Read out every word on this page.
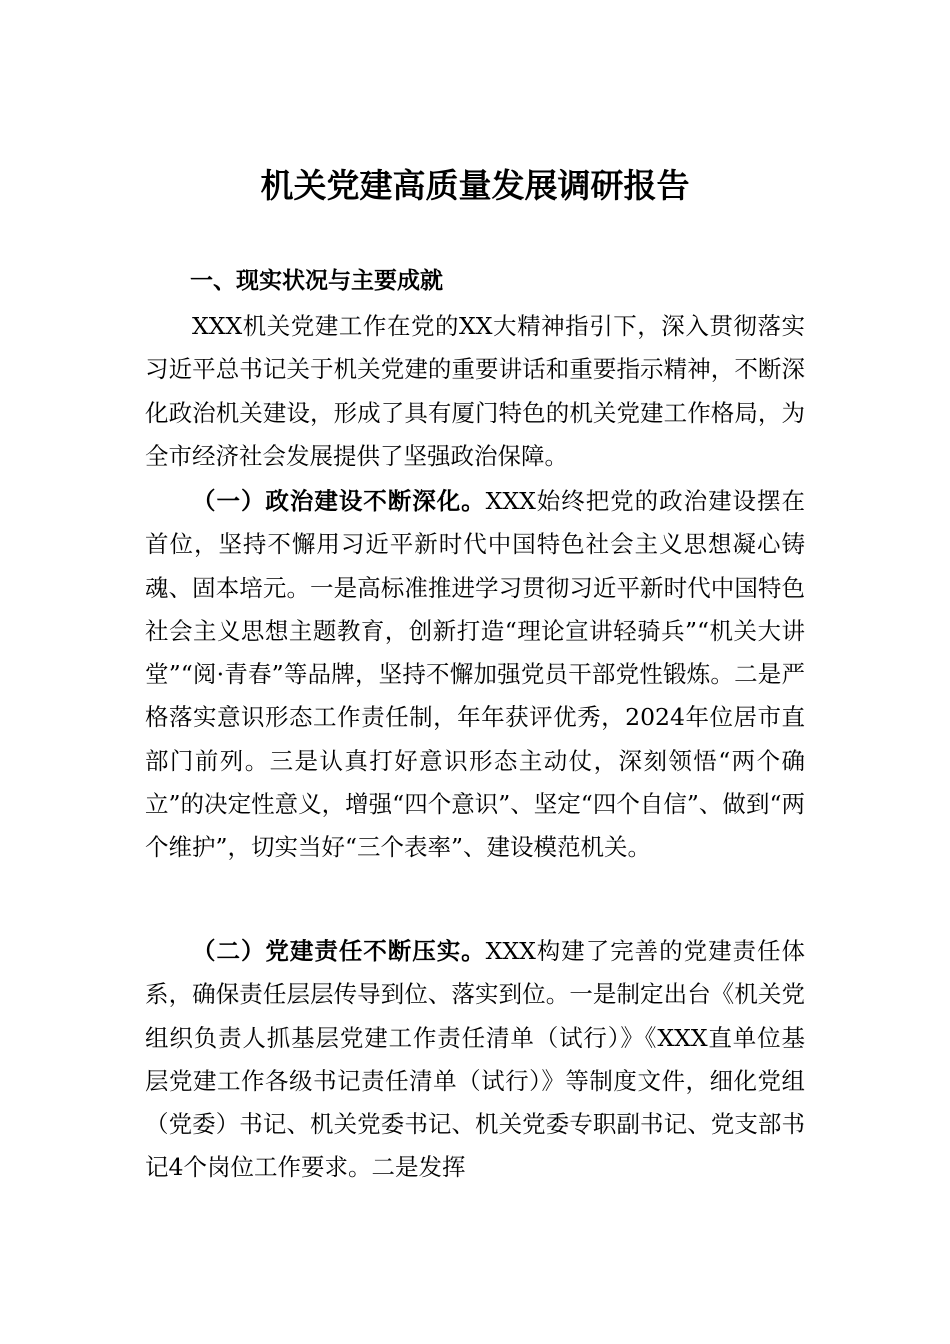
机关党建高质量发展调研报告
一、现实状况与主要成就

XXX机关党建工作在党的XX大精神指引下，深入贯彻落实习近平总书记关于机关党建的重要讲话和重要指示精神，不断深化政治机关建设，形成了具有厦门特色的机关党建工作格局，为全市经济社会发展提供了坚强政治保障。

（一）政治建设不断深化。XXX始终把党的政治建设摆在首位，坚持不懈用习近平新时代中国特色社会主义思想凝心铸魂、固本培元。一是高标准推进学习贯彻习近平新时代中国特色社会主义思想主题教育，创新打造“理论宣讲轻骑兵”“机关大讲堂”“阅·青春”等品牌，坚持不懈加强党员干部党性锻炼。二是严格落实意识形态工作责任制，年年获评优秀，2024年位居市直部门前列。三是认真打好意识形态主动仗，深刻领悟“两个确立”的决定性意义，增强“四个意识”、坚定“四个自信”、做到“两个维护”，切实当好“三个表率”、建设模范机关。

（二）党建责任不断压实。XXX构建了完善的党建责任体系，确保责任层层传导到位、落实到位。一是制定出台《机关党组织负责人抓基层党建工作责任清单（试行）》《XXX直单位基层党建工作各级书记责任清单（试行）》等制度文件，细化党组（党委）书记、机关党委书记、机关党委专职副书记、党支部书记4个岗位工作要求。二是发挥
